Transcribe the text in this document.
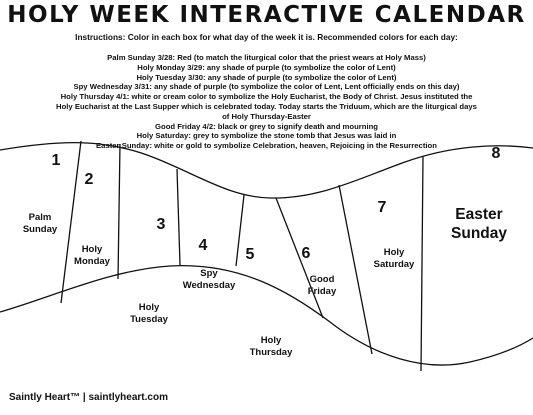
HOLY WEEK INTERACTIVE CALENDAR
Instructions: Color in each box for what day of the week it is. Recommended colors for each day:
Palm Sunday 3/28: Red (to match the liturgical color that the priest wears at Holy Mass)
Holy Monday 3/29: any shade of purple (to symbolize the color of Lent)
Holy Tuesday 3/30: any shade of purple (to symbolize the color of Lent)
Spy Wednesday 3/31: any shade of purple (to symbolize the color of Lent, Lent officially ends on this day)
Holy Thursday 4/1: white or cream color to symbolize the Holy Eucharist, the Body of Christ. Jesus instituted the
Holy Eucharist at the Last Supper which is celebrated today. Today starts the Triduum, which are the liturgical days
of Holy Thursday-Easter
Good Friday 4/2: black or grey to signify death and mourning
Holy Saturday: grey to symbolize the stone tomb that Jesus was laid in
Easter Sunday: white or gold to symbolize Celebration, heaven, Rejoicing in the Resurrection
1
Palm
Sunday
2
Holy
Monday
3
Holy
Tuesday
4
Spy
Wednesday
5
Holy
Thursday
6
Good
Friday
7
Holy
Saturday
8
Easter
Sunday
Saintly Heart™ | saintlyheart.com
